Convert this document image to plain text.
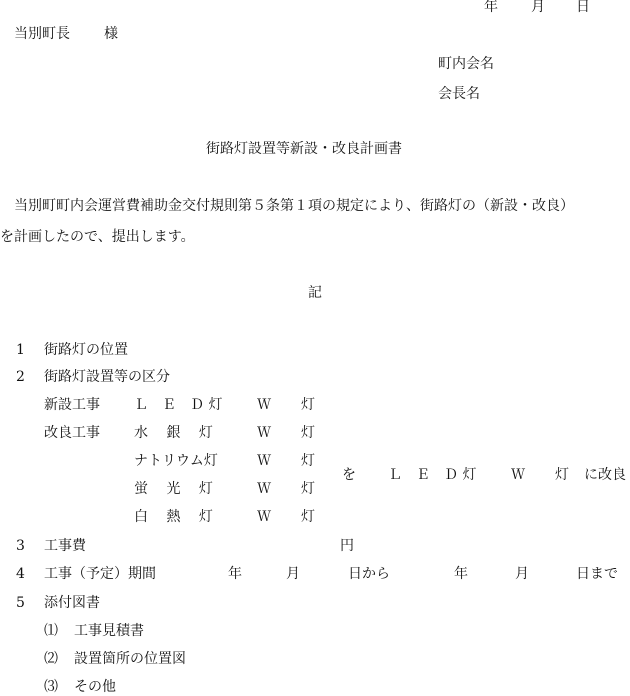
年 月 日
当別町長 様
町内会名
会長名
街路灯設置等新設・改良計画書
当別町町内会運営費補助金交付規則第５条第１項の規定により、街路灯の（新設・改良）
を計画したので、提出します。
記
1 街路灯の位置
2 街路灯設置等の区分
新設工事 Ｌ　Ｅ　Ｄ 灯 Ｗ 灯
改良工事 水　 銀　 灯	Ｗ 灯
ナトリウム灯	Ｗ 灯
蛍　 光　 灯	Ｗ 灯
白　 熱　 灯	Ｗ 灯
を Ｌ　Ｅ　Ｄ 灯 Ｗ 灯 に改良
3 工事費	円
4 工事（予定）期間	年	月	日から	年	月	日まで
5 添付図書
⑴ 工事見積書
⑵ 設置箇所の位置図
⑶ その他
